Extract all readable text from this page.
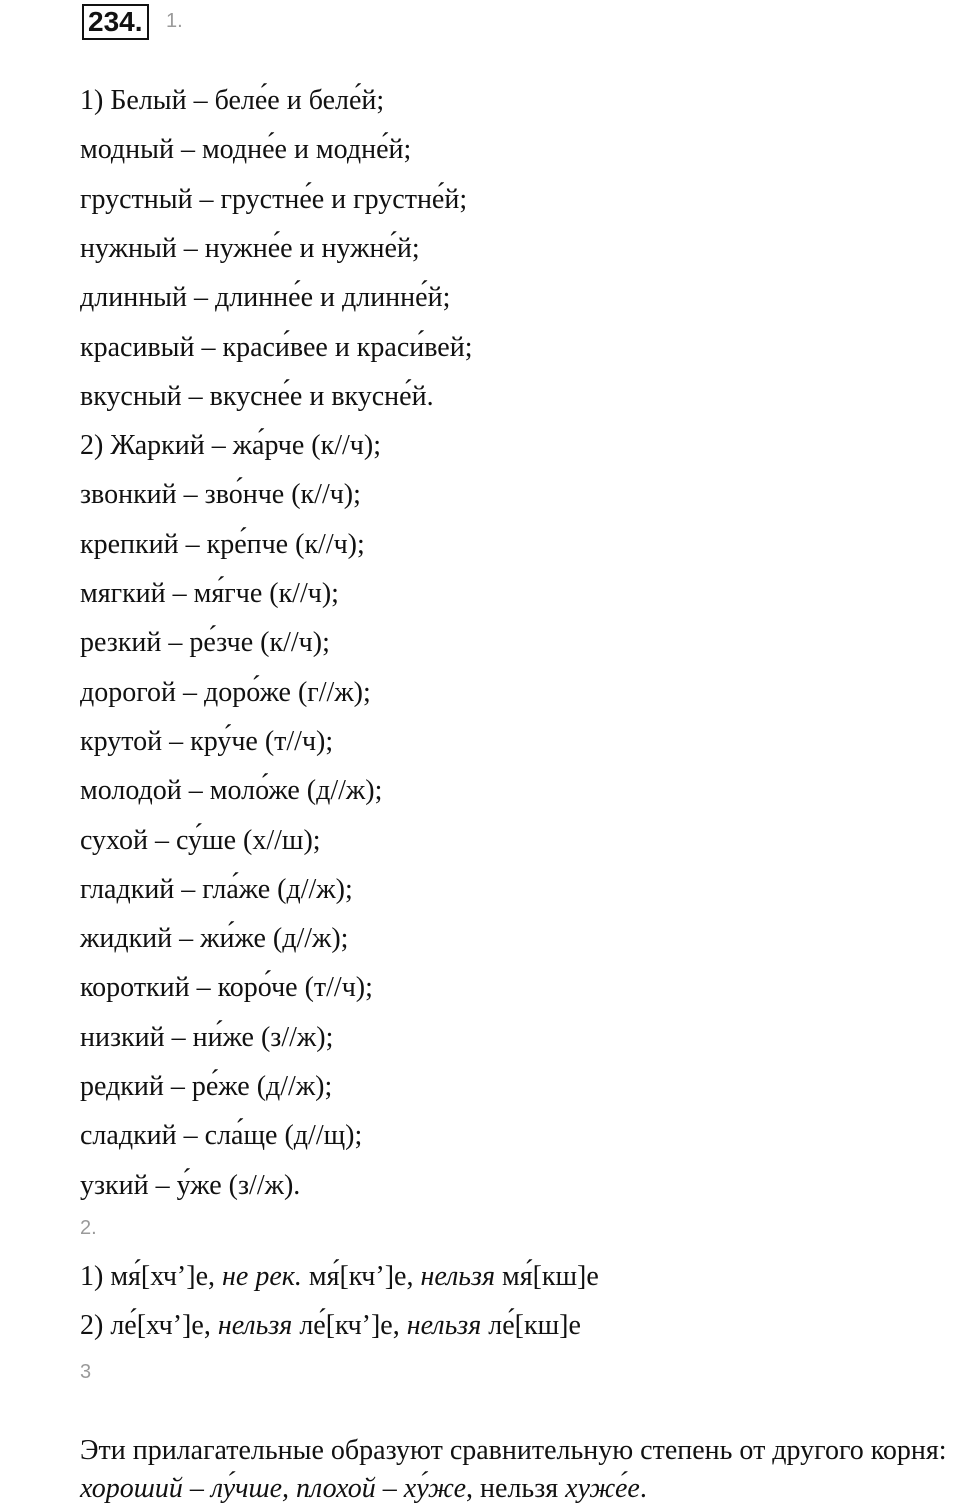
234.	1.
1) Белый – беле́е и беле́й;
модный – модне́е и модне́й;
грустный – грустне́е и грустне́й;
нужный – нужне́е и нужне́й;
длинный – длинне́е и длинне́й;
красивый – краси́вее и краси́вей;
вкусный – вкусне́е и вкусне́й.
2) Жаркий – жа́рче (к//ч);
звонкий – зво́нче (к//ч);
крепкий – кре́пче (к//ч);
мягкий – мя́гче (к//ч);
резкий – ре́зче (к//ч);
дорогой – доро́же (г//ж);
крутой – кру́че (т//ч);
молодой – моло́же (д//ж);
сухой – су́ше (х//ш);
гладкий – гла́же (д//ж);
жидкий – жи́же (д//ж);
короткий – коро́че (т//ч);
низкий – ни́же (з//ж);
редкий – ре́же (д//ж);
сладкий – сла́ще (д//щ);
узкий – у́же (з//ж).
2.
1) мя́[хч’]е, не рек. мя́[кч’]е, нельзя мя́[кш]е
2) ле́[хч’]е, нельзя ле́[кч’]е, нельзя ле́[кш]е
3
Эти прилагательные образуют сравнительную степень от другого корня: хороший – лу́чше, плохой – ху́же, нельзя хуже́е.
